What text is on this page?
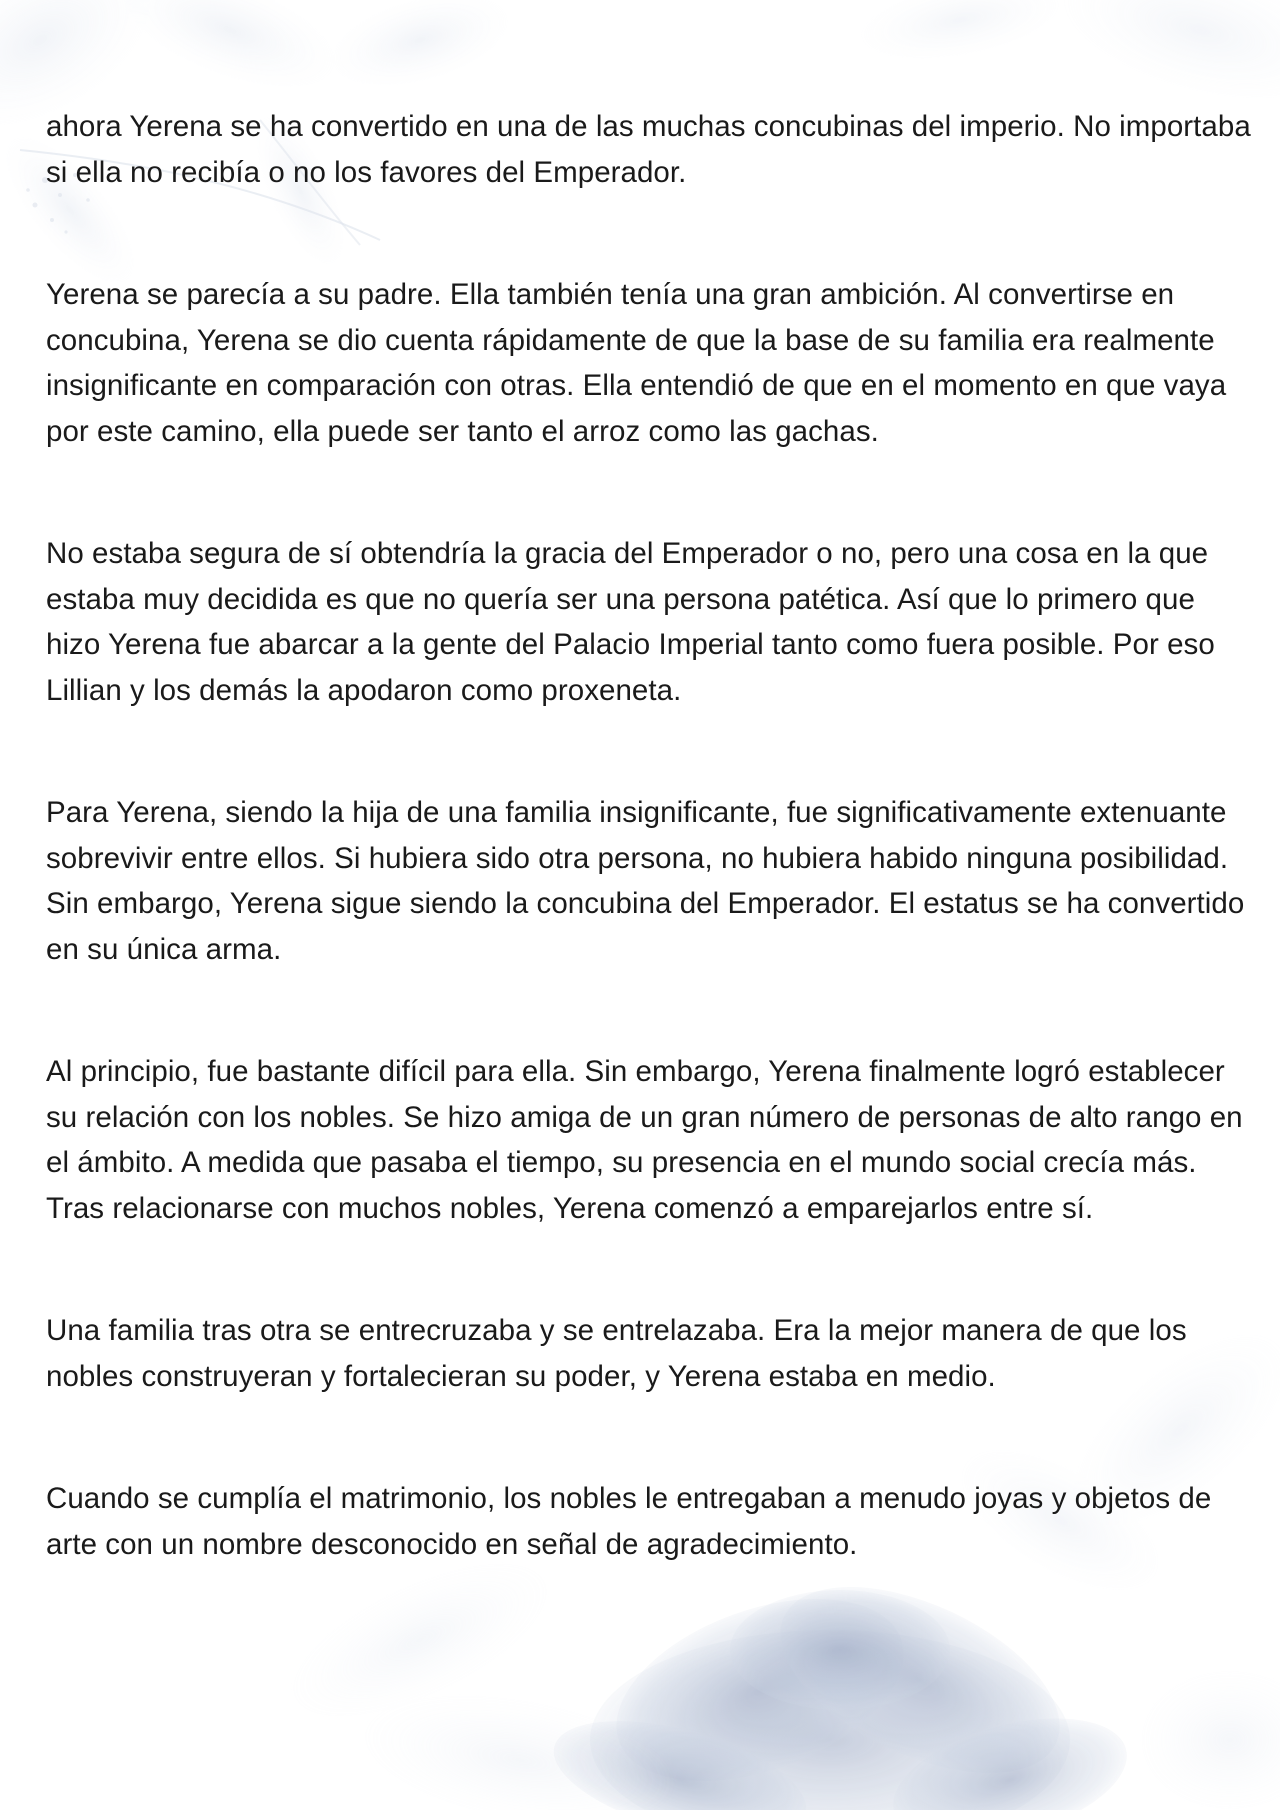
ahora Yerena se ha convertido en una de las muchas concubinas del imperio. No importaba si ella no recibía o no los favores del Emperador.

Yerena se parecía a su padre. Ella también tenía una gran ambición. Al convertirse en concubina, Yerena se dio cuenta rápidamente de que la base de su familia era realmente insignificante en comparación con otras. Ella entendió de que en el momento en que vaya por este camino, ella puede ser tanto el arroz como las gachas.

No estaba segura de sí obtendría la gracia del Emperador o no, pero una cosa en la que estaba muy decidida es que no quería ser una persona patética. Así que lo primero que hizo Yerena fue abarcar a la gente del Palacio Imperial tanto como fuera posible. Por eso Lillian y los demás la apodaron como proxeneta.

Para Yerena, siendo la hija de una familia insignificante, fue significativamente extenuante sobrevivir entre ellos. Si hubiera sido otra persona, no hubiera habido ninguna posibilidad. Sin embargo, Yerena sigue siendo la concubina del Emperador. El estatus se ha convertido en su única arma.

Al principio, fue bastante difícil para ella. Sin embargo, Yerena finalmente logró establecer su relación con los nobles. Se hizo amiga de un gran número de personas de alto rango en el ámbito. A medida que pasaba el tiempo, su presencia en el mundo social crecía más. Tras relacionarse con muchos nobles, Yerena comenzó a emparejarlos entre sí.

Una familia tras otra se entrecruzaba y se entrelazaba. Era la mejor manera de que los nobles construyeran y fortalecieran su poder, y Yerena estaba en medio.

Cuando se cumplía el matrimonio, los nobles le entregaban a menudo joyas y objetos de arte con un nombre desconocido en señal de agradecimiento.
